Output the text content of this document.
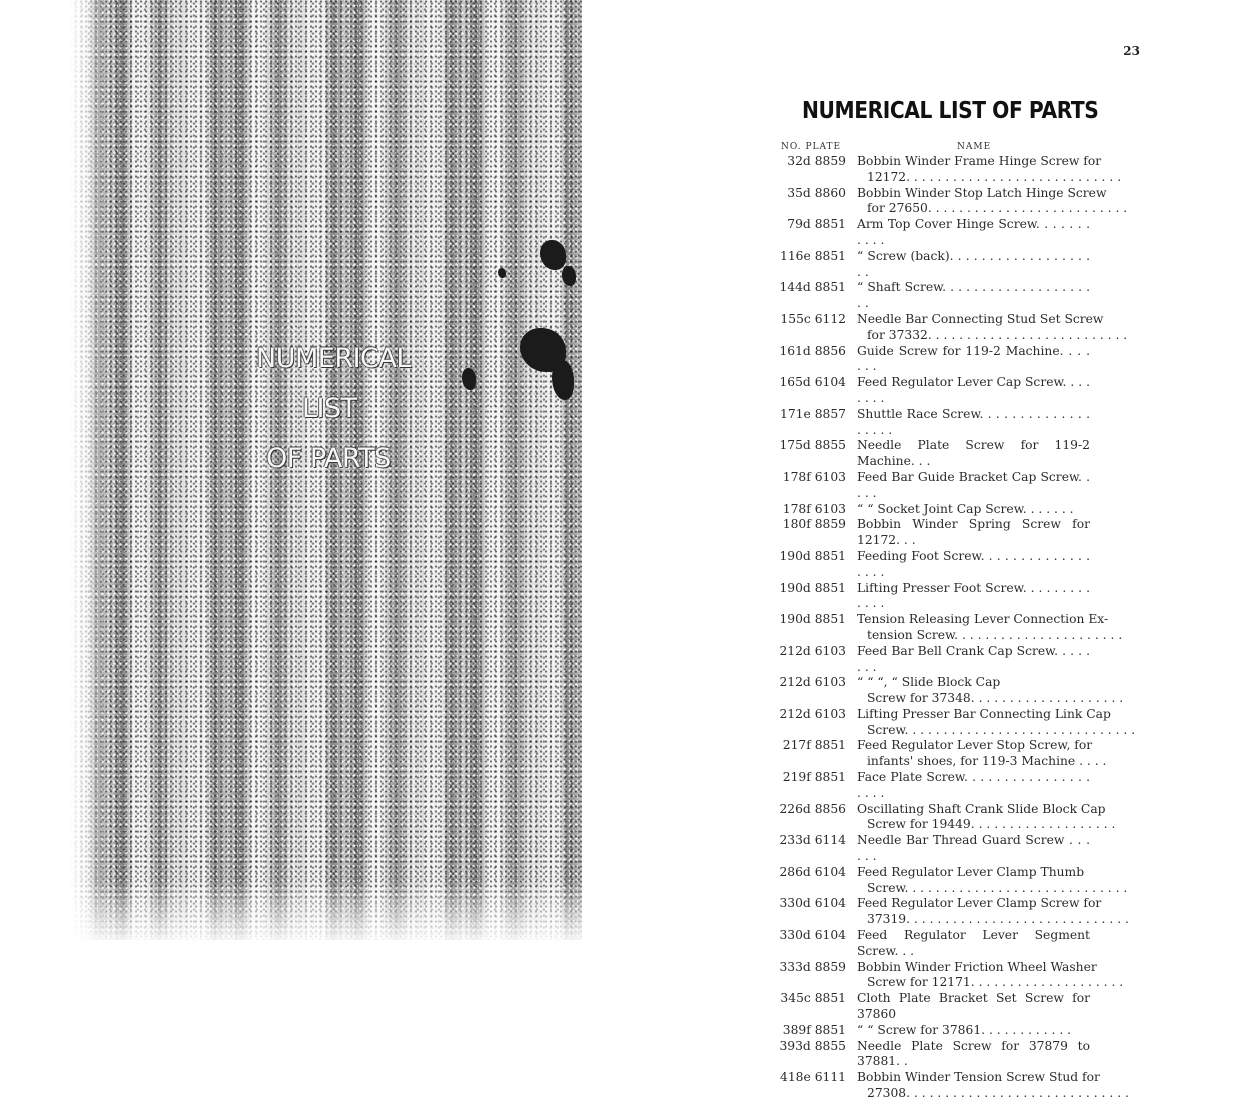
NUMERICAL
LIST
OF PARTS
23
NUMERICAL LIST OF PARTS
NO. PLATE	NAME
32d 8859 Bobbin Winder Frame Hinge Screw for
12172. . . . . . . . . . . . . . . . . . . . . . . . . . . .
35d 8860 Bobbin Winder Stop Latch Hinge Screw
for 27650. . . . . . . . . . . . . . . . . . . . . . . . . .
79d 8851 Arm Top Cover Hinge Screw. . . . . . . . . . .
116e 8851 “ Screw (back). . . . . . . . . . . . . . . . . . . .
144d 8851 “ Shaft Screw. . . . . . . . . . . . . . . . . . . . .
155c 6112 Needle Bar Connecting Stud Set Screw
for 37332. . . . . . . . . . . . . . . . . . . . . . . . . .
161d 8856 Guide Screw for 119-2 Machine. . . . . . .
165d 6104 Feed Regulator Lever Cap Screw. . . . . . . .
171e 8857 Shuttle Race Screw. . . . . . . . . . . . . . . . . . .
175d 8855 Needle Plate Screw for 119-2 Machine. . .
178f 6103 Feed Bar Guide Bracket Cap Screw. . . . .
178f 6103 “ “ Socket Joint Cap Screw. . . . . . .
180f 8859 Bobbin Winder Spring Screw for 12172. . .
190d 8851 Feeding Foot Screw. . . . . . . . . . . . . . . . . .
190d 8851 Lifting Presser Foot Screw. . . . . . . . . . . . .
190d 8851 Tension Releasing Lever Connection Ex-
tension Screw. . . . . . . . . . . . . . . . . . . . . .
212d 6103 Feed Bar Bell Crank Cap Screw. . . . . . . .
212d 6103 “ “ “, “ Slide Block Cap
Screw for 37348. . . . . . . . . . . . . . . . . . . .
212d 6103 Lifting Presser Bar Connecting Link Cap
Screw. . . . . . . . . . . . . . . . . . . . . . . . . . . . . .
217f 8851 Feed Regulator Lever Stop Screw, for
infants' shoes, for 119-3 Machine . . . .
219f 8851 Face Plate Screw. . . . . . . . . . . . . . . . . . . .
226d 8856 Oscillating Shaft Crank Slide Block Cap
Screw for 19449. . . . . . . . . . . . . . . . . . .
233d 6114 Needle Bar Thread Guard Screw . . . . . .
286d 6104 Feed Regulator Lever Clamp Thumb
Screw. . . . . . . . . . . . . . . . . . . . . . . . . . . . .
330d 6104 Feed Regulator Lever Clamp Screw for
37319. . . . . . . . . . . . . . . . . . . . . . . . . . . . .
330d 6104 Feed Regulator Lever Segment Screw. . .
333d 8859 Bobbin Winder Friction Wheel Washer
Screw for 12171. . . . . . . . . . . . . . . . . . . .
345c 8851 Cloth Plate Bracket Set Screw for 37860
389f 8851 “ “ Screw for 37861. . . . . . . . . . . .
393d 8855 Needle Plate Screw for 37879 to 37881. .
418e 6111 Bobbin Winder Tension Screw Stud for
27308. . . . . . . . . . . . . . . . . . . . . . . . . . . . .
